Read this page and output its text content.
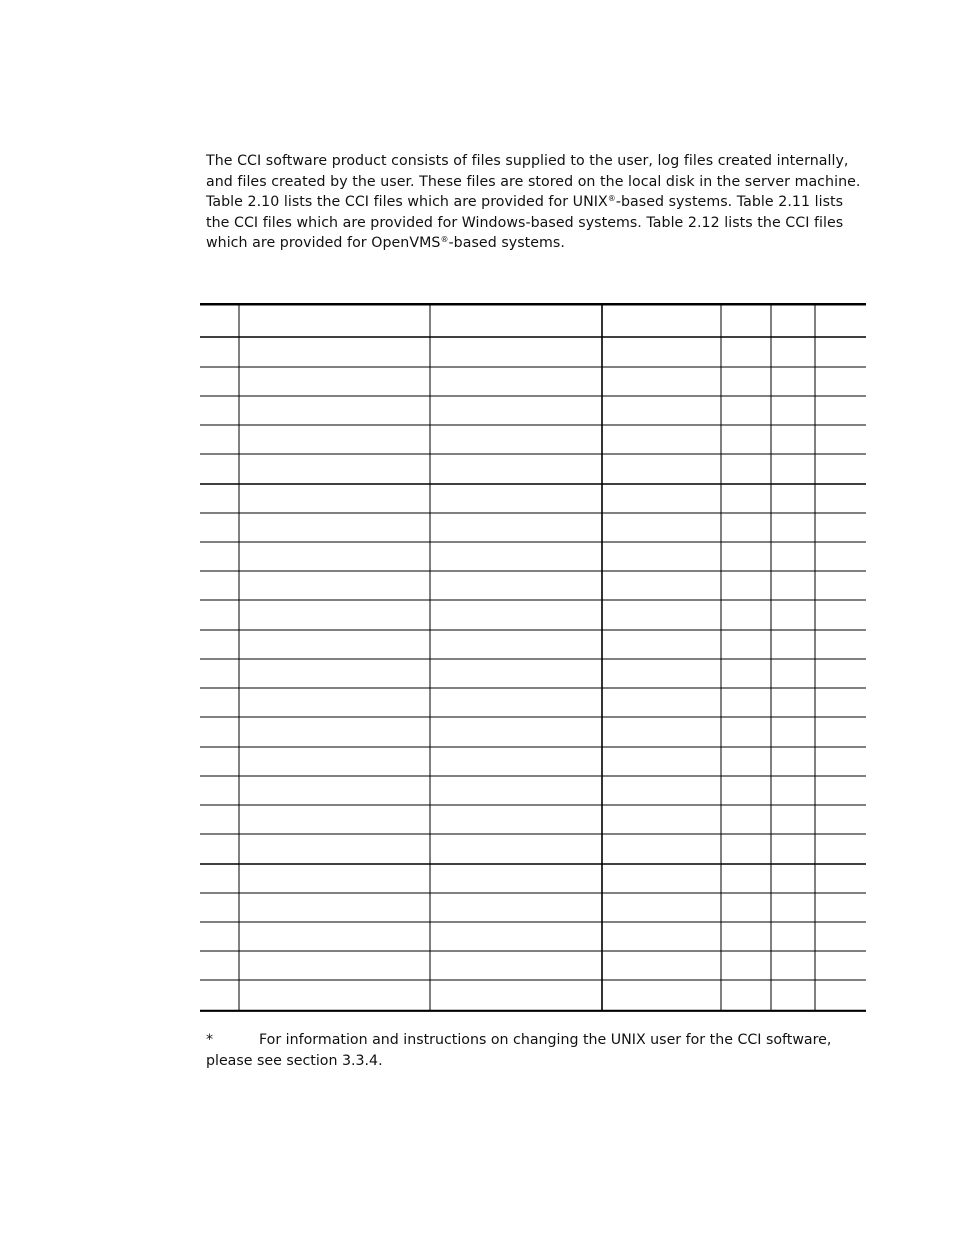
The CCI software product consists of files supplied to the user, log files created internally,
and files created by the user. These files are stored on the local disk in the server machine.
Table 2.10 lists the CCI files which are provided for UNIX®-based systems. Table 2.11 lists
the CCI files which are provided for Windows-based systems. Table 2.12 lists the CCI files
which are provided for OpenVMS®-based systems.
*	For information and instructions on changing the UNIX user for the CCI software,
please see section 3.3.4.
